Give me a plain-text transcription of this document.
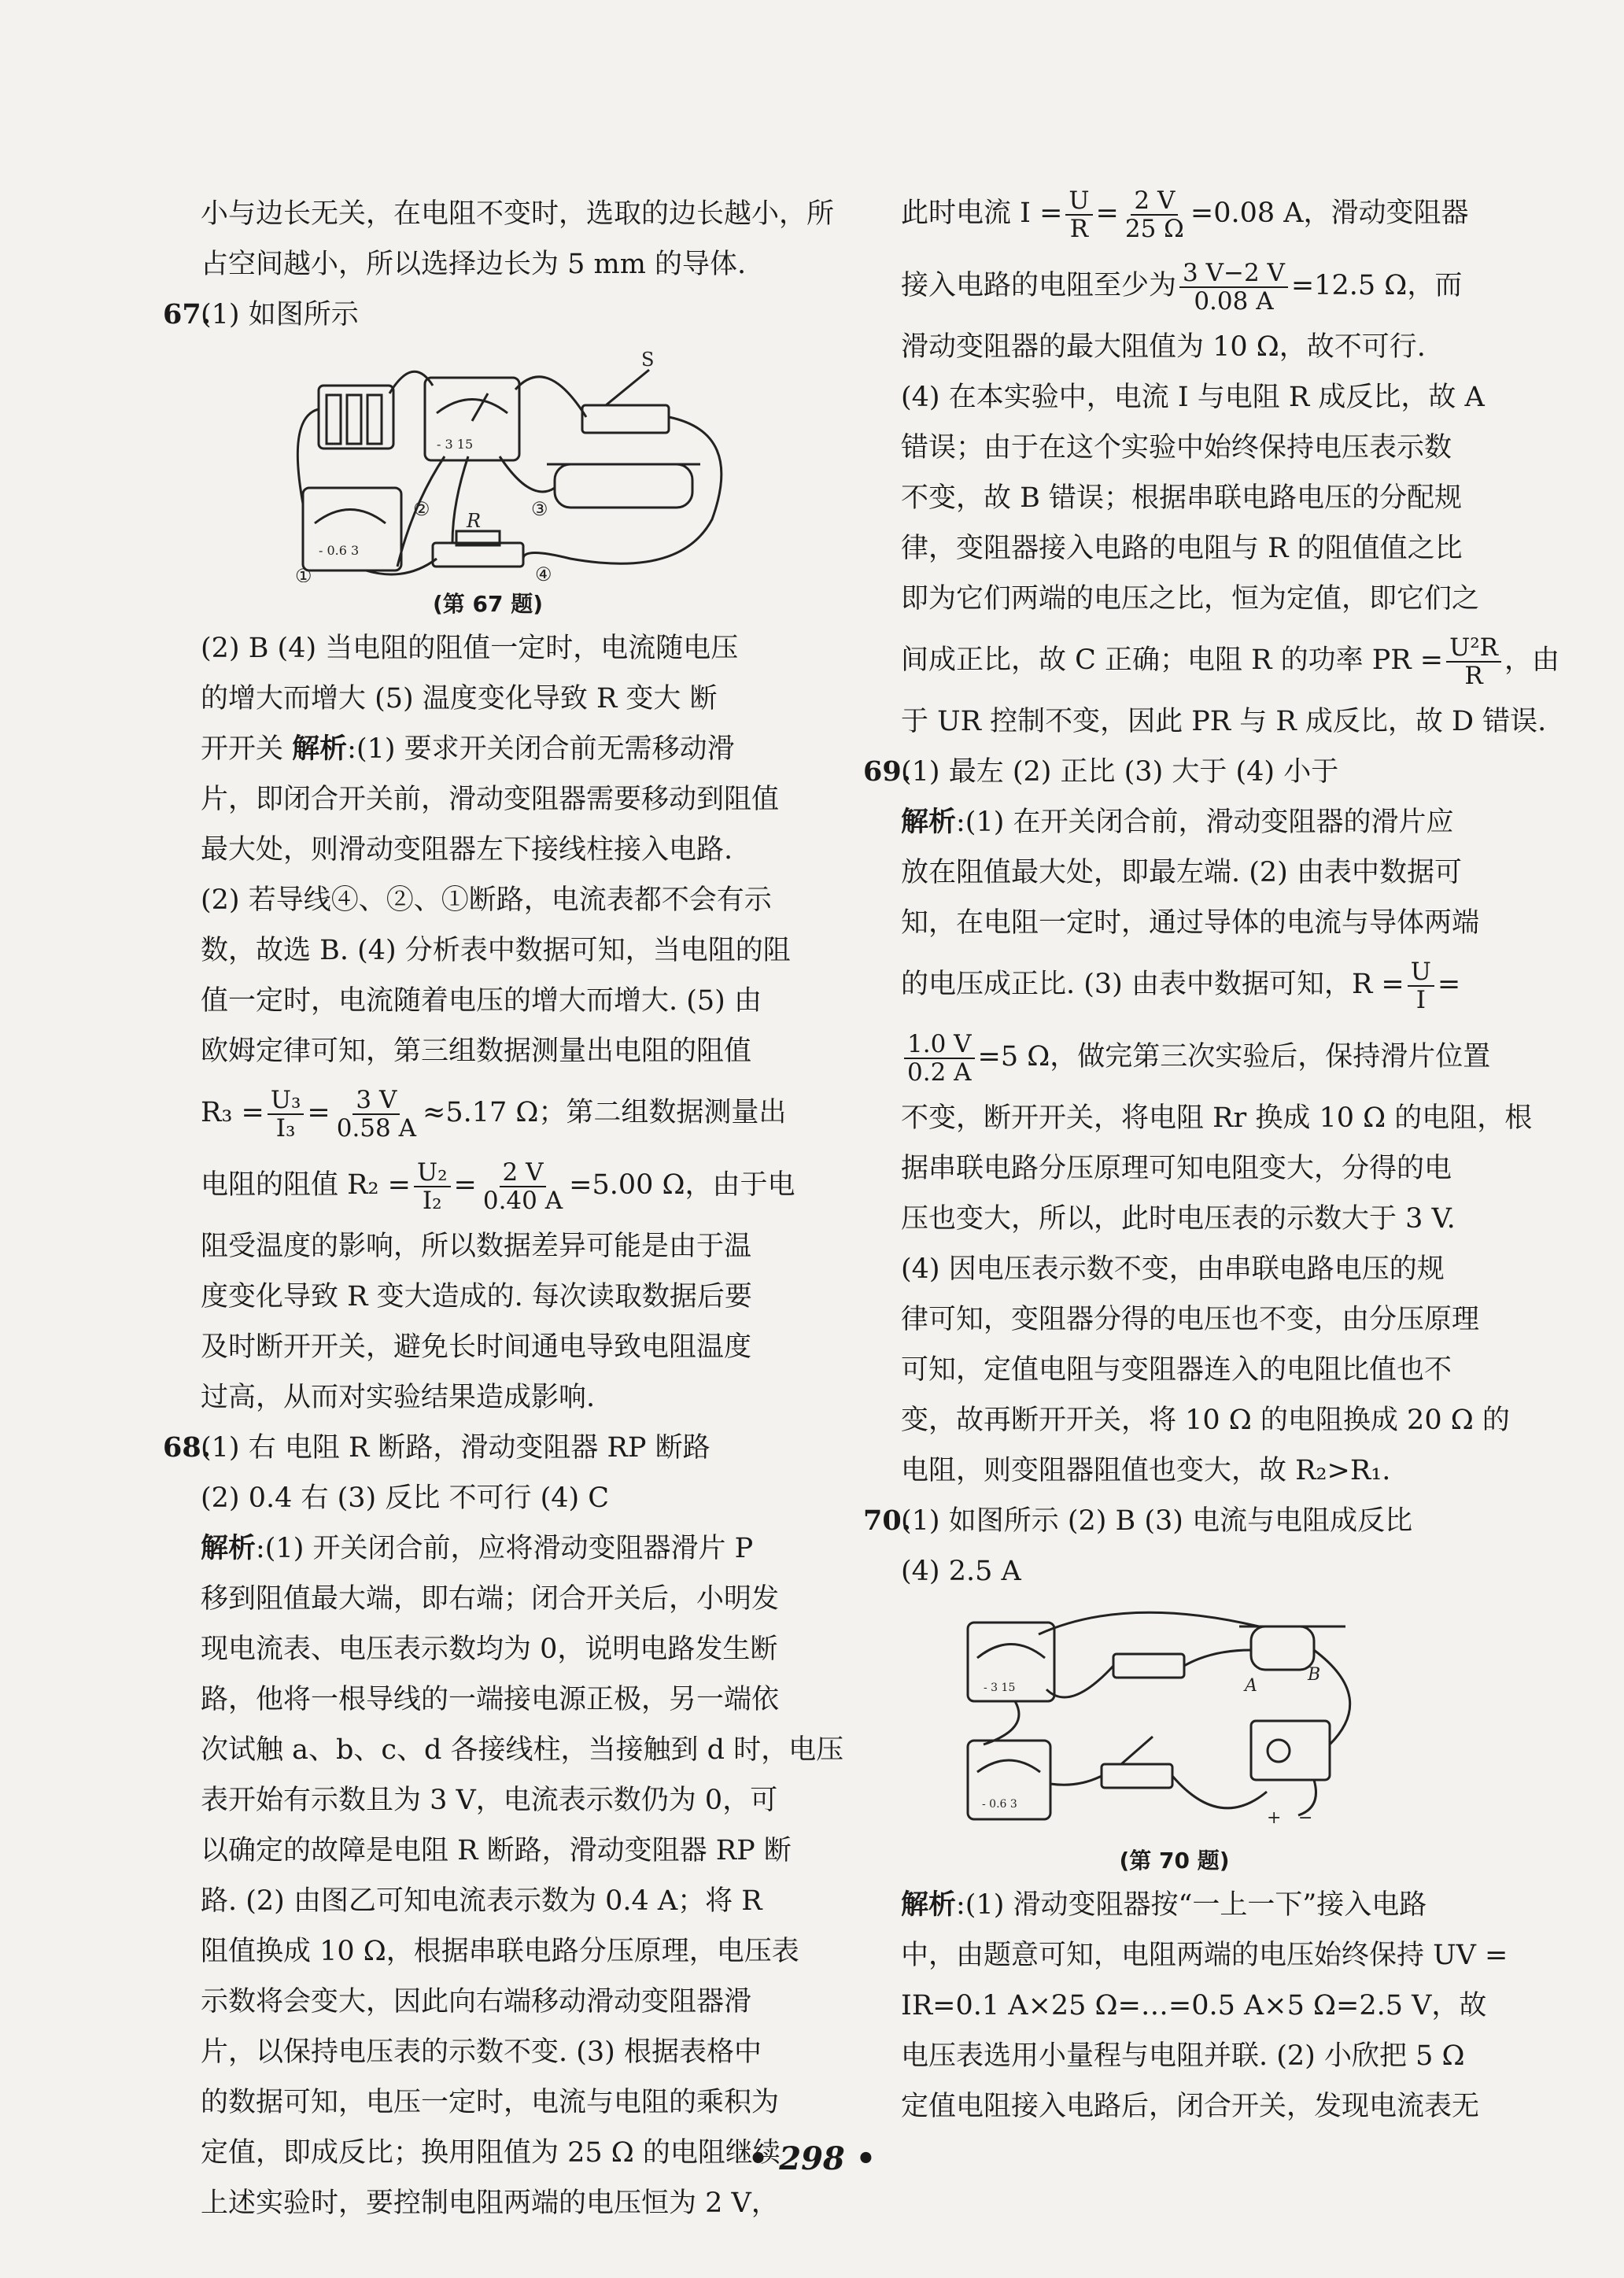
小与边长无关，在电阻不变时，选取的边长越小，所

占空间越小，所以选择边长为 5 mm 的导体.

67.(1) 如图所示

S
R
①
②	③
④
- 3 15
- 0.6 3
(第 67 题)

(2) B (4) 当电阻的阻值一定时，电流随电压

的增大而增大 (5) 温度变化导致 R 变大 断

开开关 解析:(1) 要求开关闭合前无需移动滑

片，即闭合开关前，滑动变阻器需要移动到阻值

最大处，则滑动变阻器左下接线柱接入电路.

(2) 若导线④、②、①断路，电流表都不会有示

数，故选 B. (4) 分析表中数据可知，当电阻的阻

值一定时，电流随着电压的增大而增大. (5) 由

欧姆定律可知，第三组数据测量出电阻的阻值

$R_3 = \frac{\text{U₃}}{\text{I₃}} = \frac{3 V}{0.58 A} \approx 5.17$ Ω；第二组数据测量出

电阻的阻值 $R_2 = \frac{\text{U₂}}{\text{I₂}} = \frac{2 V}{0.40 A} =5.00$ Ω，由于电

阻受温度的影响，所以数据差异可能是由于温

度变化导致 R 变大造成的. 每次读取数据后要

及时断开开关，避免长时间通电导致电阻温度

过高，从而对实验结果造成影响.

68.(1) 右 电阻 R 断路，滑动变阻器 RP 断路

(2) 0.4 右 (3) 反比 不可行 (4) C

解析:(1) 开关闭合前，应将滑动变阻器滑片 P

移到阻值最大端，即右端；闭合开关后，小明发

现电流表、电压表示数均为 0，说明电路发生断

路，他将一根导线的一端接电源正极，另一端依

次试触 a、b、c、d 各接线柱，当接触到 d 时，电压

表开始有示数且为 3 V，电流表示数仍为 0，可

以确定的故障是电阻 R 断路，滑动变阻器 RP 断

路. (2) 由图乙可知电流表示数为 0.4 A；将 R

阻值换成 10 Ω，根据串联电路分压原理，电压表

示数将会变大，因此向右端移动滑动变阻器滑

片，以保持电压表的示数不变. (3) 根据表格中

的数据可知，电压一定时，电流与电阻的乘积为

定值，即成反比；换用阻值为 25 Ω 的电阻继续

上述实验时，要控制电阻两端的电压恒为 2 V，

此时电流 $I = \frac{U}{R} = \frac{2 V}{25 \Omega} =0.08$ A，滑动变阻器

接入电路的电阻至少为 $\frac{3 V-2 V}{0.08 A} =12.5$ Ω，而

滑动变阻器的最大阻值为 10 Ω，故不可行.

(4) 在本实验中，电流 I 与电阻 R 成反比，故 A

错误；由于在这个实验中始终保持电压表示数

不变，故 B 错误；根据串联电路电压的分配规

律，变阻器接入电路的电阻与 R 的阻值值之比

即为它们两端的电压之比，恒为定值，即它们之

间成正比，故 C 正确；电阻 R 的功率 PR = $\frac{\text{U²R}}{R}$ ，由

于 UR 控制不变，因此 PR 与 R 成反比，故 D 错误.

69.(1) 最左 (2) 正比 (3) 大于 (4) 小于

解析:(1) 在开关闭合前，滑动变阻器的滑片应

放在阻值最大处，即最左端. (2) 由表中数据可

知，在电阻一定时，通过导体的电流与导体两端

的电压成正比. (3) 由表中数据可知，$R = \frac{U}{I}$ =

$\frac{1.0 V}{0.2 A} =5$ Ω，做完第三次实验后，保持滑片位置

不变，断开开关，将电阻 Rr 换成 10 Ω 的电阻，根

据串联电路分压原理可知电阻变大，分得的电

压也变大，所以，此时电压表的示数大于 3 V.

(4) 因电压表示数不变，由串联电路电压的规

律可知，变阻器分得的电压也不变，由分压原理

可知，定值电阻与变阻器连入的电阻比值也不

变，故再断开开关，将 10 Ω 的电阻换成 20 Ω 的

电阻，则变阻器阻值也变大，故 R₂>R₁.

70.(1) 如图所示 (2) B (3) 电流与电阻成反比

(4) 2.5 A

A
B
+ −
- 3 15
- 0.6 3
(第 70 题)

解析:(1) 滑动变阻器按“一上一下”接入电路

中，由题意可知，电阻两端的电压始终保持 UV =

IR=0.1 A×25 Ω=…=0.5 A×5 Ω=2.5 V，故

电压表选用小量程与电阻并联. (2) 小欣把 5 Ω

定值电阻接入电路后，闭合开关，发现电流表无

• 298 •
